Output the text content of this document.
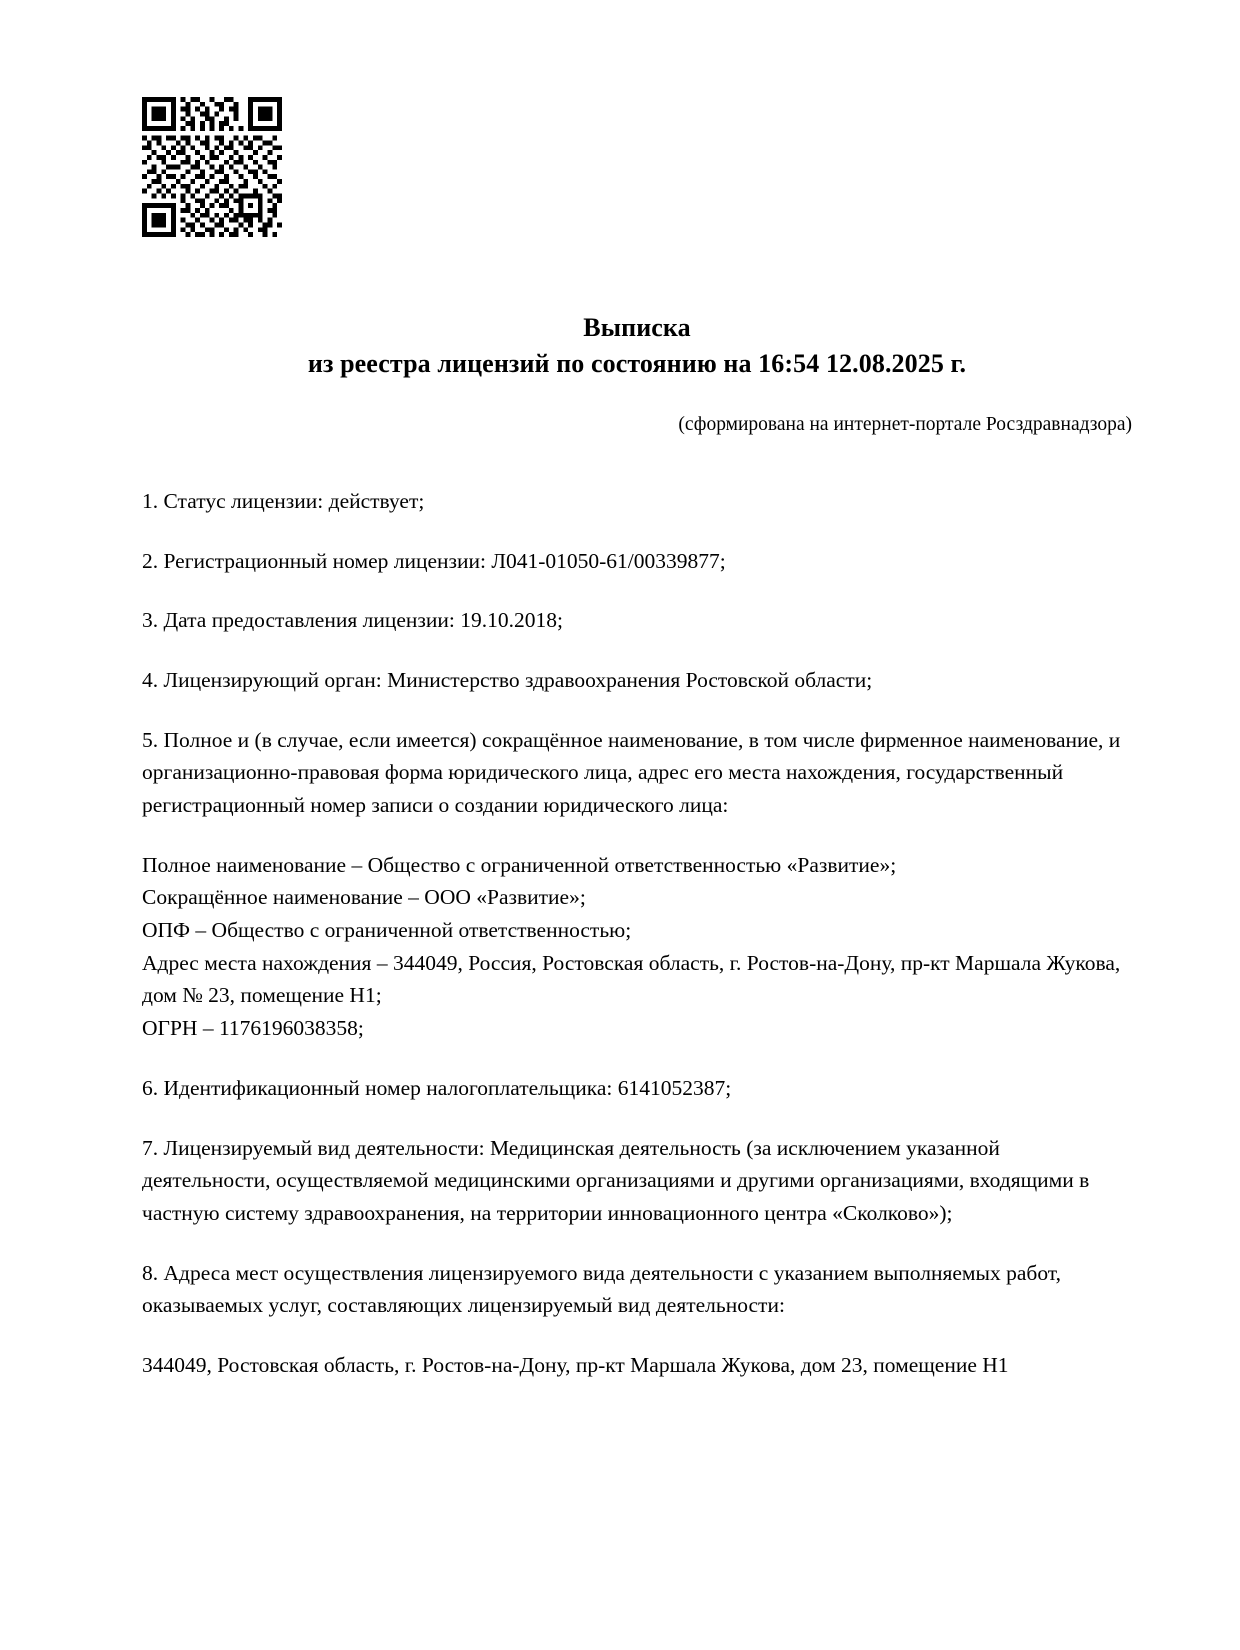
Выписка
из реестра лицензий по состоянию на 16:54 12.08.2025 г.
(сформирована на интернет-портале Росздравнадзора)

1. Статус лицензии: действует;

2. Регистрационный номер лицензии: Л041-01050-61/00339877;

3. Дата предоставления лицензии: 19.10.2018;

4. Лицензирующий орган: Министерство здравоохранения Ростовской области;

5. Полное и (в случае, если имеется) сокращённое наименование, в том числе фирменное наименование, и организационно-правовая форма юридического лица, адрес его места нахождения, государственный регистрационный номер записи о создании юридического лица:

Полное наименование – Общество с ограниченной ответственностью «Развитие»;

Сокращённое наименование – ООО «Развитие»;

ОПФ – Общество с ограниченной ответственностью;

Адрес места нахождения – 344049, Россия, Ростовская область, г. Ростов-на-Дону, пр-кт Маршала Жукова, дом № 23, помещение Н1;

ОГРН – 1176196038358;

6. Идентификационный номер налогоплательщика: 6141052387;

7. Лицензируемый вид деятельности: Медицинская деятельность (за исключением указанной деятельности, осуществляемой медицинскими организациями и другими организациями, входящими в частную систему здравоохранения, на территории инновационного центра «Сколково»);

8. Адреса мест осуществления лицензируемого вида деятельности с указанием выполняемых работ, оказываемых услуг, составляющих лицензируемый вид деятельности:

344049, Ростовская область, г. Ростов-на-Дону, пр-кт Маршала Жукова, дом 23, помещение Н1
